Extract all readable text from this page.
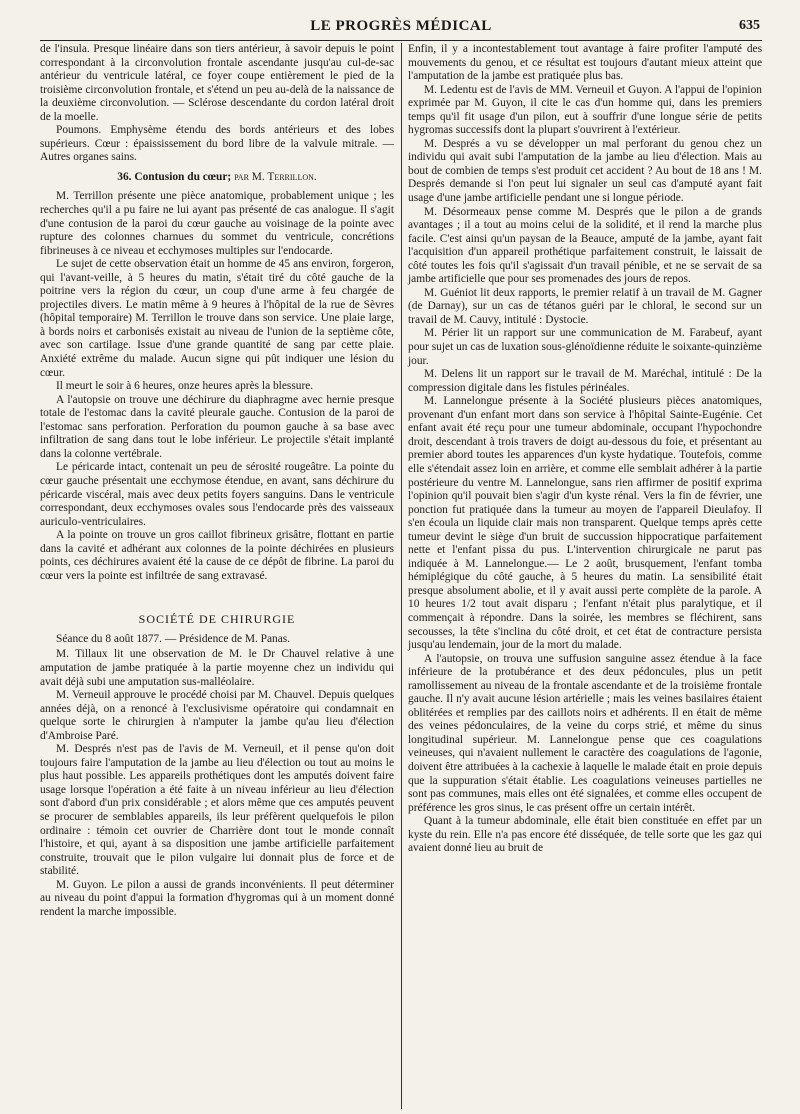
LE PROGRÈS MÉDICAL	635

de l'insula. Presque linéaire dans son tiers antérieur, à savoir depuis le point correspondant à la circonvolution frontale ascendante jusqu'au cul-de-sac antérieur du ventricule latéral, ce foyer coupe entièrement le pied de la troisième circonvolution frontale, et s'étend un peu au-delà de la naissance de la deuxième circonvolution. — Sclérose descendante du cordon latéral droit de la moelle.

Poumons. Emphysème étendu des bords antérieurs et des lobes supérieurs. Cœur : épaississement du bord libre de la valvule mitrale. — Autres organes sains.

36. Contusion du cœur; par M. Terrillon.

M. Terrillon présente une pièce anatomique, probablement unique ; les recherches qu'il a pu faire ne lui ayant pas présenté de cas analogue. Il s'agit d'une contusion de la paroi du cœur gauche au voisinage de la pointe avec rupture des colonnes charnues du sommet du ventricule, concrétions fibrineuses à ce niveau et ecchymoses multiples sur l'endocarde.

Le sujet de cette observation était un homme de 45 ans environ, forgeron, qui l'avant-veille, à 5 heures du matin, s'était tiré du côté gauche de la poitrine vers la région du cœur, un coup d'une arme à feu chargée de projectiles divers. Le matin même à 9 heures à l'hôpital de la rue de Sèvres (hôpital temporaire) M. Terrillon le trouve dans son service. Une plaie large, à bords noirs et carbonisés existait au niveau de l'union de la septième côte, avec son cartilage. Issue d'une grande quantité de sang par cette plaie. Anxiété extrême du malade. Aucun signe qui pût indiquer une lésion du cœur.

Il meurt le soir à 6 heures, onze heures après la blessure.

A l'autopsie on trouve une déchirure du diaphragme avec hernie presque totale de l'estomac dans la cavité pleurale gauche. Contusion de la paroi de l'estomac sans perforation. Perforation du poumon gauche à sa base avec infiltration de sang dans tout le lobe inférieur. Le projectile s'était implanté dans la colonne vertébrale.

Le péricarde intact, contenait un peu de sérosité rougeâtre. La pointe du cœur gauche présentait une ecchymose étendue, en avant, sans déchirure du péricarde viscéral, mais avec deux petits foyers sanguins. Dans le ventricule correspondant, deux ecchymoses ovales sous l'endocarde près des vaisseaux auriculo-ventriculaires.

A la pointe on trouve un gros caillot fibrineux grisâtre, flottant en partie dans la cavité et adhérant aux colonnes de la pointe déchirées en plusieurs points, ces déchirures avaient été la cause de ce dépôt de fibrine. La paroi du cœur vers la pointe est infiltrée de sang extravasé.

SOCIÉTÉ DE CHIRURGIE

Séance du 8 août 1877. — Présidence de M. Panas.

M. Tillaux lit une observation de M. le Dr Chauvel relative à une amputation de jambe pratiquée à la partie moyenne chez un individu qui avait déjà subi une amputation sus-malléolaire.

M. Verneuil approuve le procédé choisi par M. Chauvel. Depuis quelques années déjà, on a renoncé à l'exclusivisme opératoire qui condamnait en quelque sorte le chirurgien à n'amputer la jambe qu'au lieu d'élection d'Ambroise Paré.

M. Després n'est pas de l'avis de M. Verneuil, et il pense qu'on doit toujours faire l'amputation de la jambe au lieu d'élection ou tout au moins le plus haut possible. Les appareils prothétiques dont les amputés doivent faire usage lorsque l'opération a été faite à un niveau inférieur au lieu d'élection sont d'abord d'un prix considérable ; et alors même que ces amputés peuvent se procurer de semblables appareils, ils leur préfèrent quelquefois le pilon ordinaire : témoin cet ouvrier de Charrière dont tout le monde connaît l'histoire, et qui, ayant à sa disposition une jambe artificielle parfaitement construite, trouvait que le pilon vulgaire lui donnait plus de force et de stabilité.

M. Guyon. Le pilon a aussi de grands inconvénients. Il peut déterminer au niveau du point d'appui la formation d'hygromas qui à un moment donné rendent la marche impossible.

Enfin, il y a incontestablement tout avantage à faire profiter l'amputé des mouvements du genou, et ce résultat est toujours d'autant mieux atteint que l'amputation de la jambe est pratiquée plus bas.

M. Ledentu est de l'avis de MM. Verneuil et Guyon. A l'appui de l'opinion exprimée par M. Guyon, il cite le cas d'un homme qui, dans les premiers temps qu'il fit usage d'un pilon, eut à souffrir d'une longue série de petits hygromas successifs dont la plupart s'ouvrirent à l'extérieur.

M. Després a vu se développer un mal perforant du genou chez un individu qui avait subi l'amputation de la jambe au lieu d'élection. Mais au bout de combien de temps s'est produit cet accident ? Au bout de 18 ans ! M. Després demande si l'on peut lui signaler un seul cas d'amputé ayant fait usage d'une jambe artificielle pendant une si longue période.

M. Désormeaux pense comme M. Després que le pilon a de grands avantages ; il a tout au moins celui de la solidité, et il rend la marche plus facile. C'est ainsi qu'un paysan de la Beauce, amputé de la jambe, ayant fait l'acquisition d'un appareil prothétique parfaitement construit, le laissait de côté toutes les fois qu'il s'agissait d'un travail pénible, et ne se servait de sa jambe artificielle que pour ses promenades des jours de repos.

M. Guéniot lit deux rapports, le premier relatif à un travail de M. Gagner (de Darnay), sur un cas de tétanos guéri par le chloral, le second sur un travail de M. Cauvy, intitulé : Dystocie.

M. Périer lit un rapport sur une communication de M. Farabeuf, ayant pour sujet un cas de luxation sous-glénoïdienne réduite le soixante-quinzième jour.

M. Delens lit un rapport sur le travail de M. Maréchal, intitulé : De la compression digitale dans les fistules périnéales.

M. Lannelongue présente à la Société plusieurs pièces anatomiques, provenant d'un enfant mort dans son service à l'hôpital Sainte-Eugénie. Cet enfant avait été reçu pour une tumeur abdominale, occupant l'hypochondre droit, descendant à trois travers de doigt au-dessous du foie, et présentant au premier abord toutes les apparences d'un kyste hydatique. Toutefois, comme elle s'étendait assez loin en arrière, et comme elle semblait adhérer à la partie postérieure du ventre M. Lannelongue, sans rien affirmer de positif exprima l'opinion qu'il pouvait bien s'agir d'un kyste rénal. Vers la fin de février, une ponction fut pratiquée dans la tumeur au moyen de l'appareil Dieulafoy. Il s'en écoula un liquide clair mais non transparent. Quelque temps après cette tumeur devint le siège d'un bruit de succussion hippocratique parfaitement nette et l'enfant pissa du pus. L'intervention chirurgicale ne parut pas indiquée à M. Lannelongue.— Le 2 août, brusquement, l'enfant tomba hémiplégique du côté gauche, à 5 heures du matin. La sensibilité était presque absolument abolie, et il y avait aussi perte complète de la parole. A 10 heures 1/2 tout avait disparu ; l'enfant n'était plus paralytique, et il commençait à répondre. Dans la soirée, les membres se fléchirent, sans secousses, la tête s'inclina du côté droit, et cet état de contracture persista jusqu'au lendemain, jour de la mort du malade.

A l'autopsie, on trouva une suffusion sanguine assez étendue à la face inférieure de la protubérance et des deux pédoncules, plus un petit ramollissement au niveau de la frontale ascendante et de la troisième frontale gauche. Il n'y avait aucune lésion artérielle ; mais les veines basilaires étaient oblitérées et remplies par des caillots noirs et adhérents. Il en était de même des veines pédonculaires, de la veine du corps strié, et même du sinus longitudinal supérieur. M. Lannelongue pense que ces coagulations veineuses, qui n'avaient nullement le caractère des coagulations de l'agonie, doivent être attribuées à la cachexie à laquelle le malade était en proie depuis que la suppuration s'était établie. Les coagulations veineuses partielles ne sont pas communes, mais elles ont été signalées, et comme elles occupent de préférence les gros sinus, le cas présent offre un certain intérêt.

Quant à la tumeur abdominale, elle était bien constituée en effet par un kyste du rein. Elle n'a pas encore été disséquée, de telle sorte que les gaz qui avaient donné lieu au bruit de
